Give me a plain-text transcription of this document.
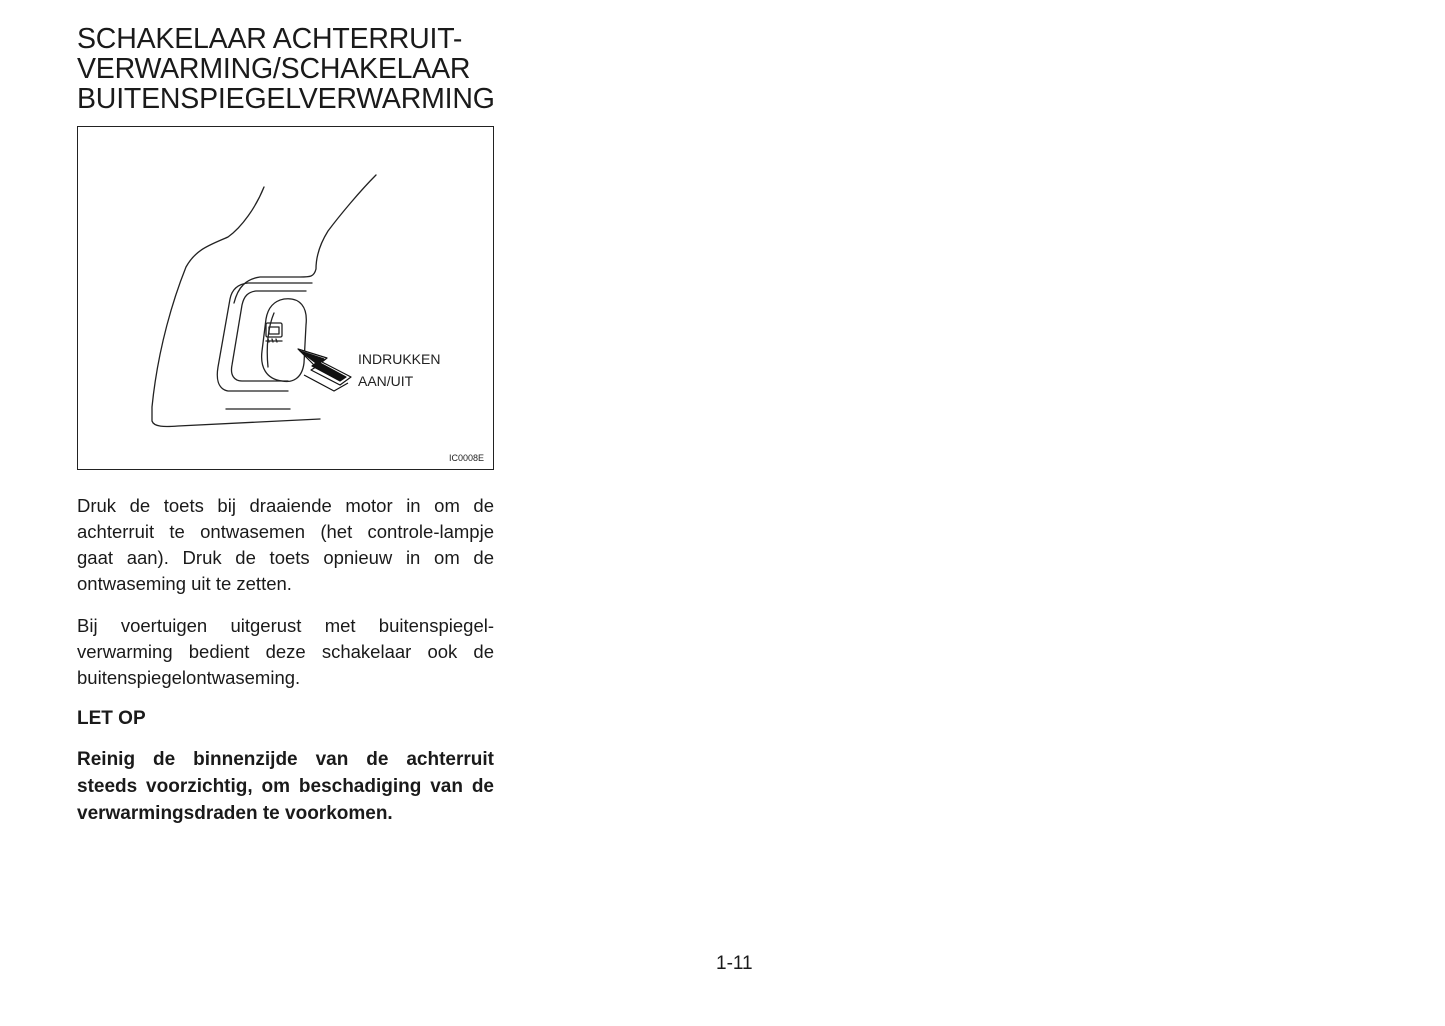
SCHAKELAAR ACHTERRUIT-
VERWARMING/SCHAKELAAR
BUITENSPIEGELVERWARMING
INDRUKKEN
AAN/UIT
IC0008E

Druk de toets bij draaiende motor in om de achterruit te ontwasemen (het controle-lampje gaat aan). Druk de toets opnieuw in om de ontwaseming uit te zetten.

Bij voertuigen uitgerust met buitenspiegel-verwarming bedient deze schakelaar ook de buitenspiegelontwaseming.

LET OP

Reinig de binnenzijde van de achterruit steeds voorzichtig, om beschadiging van de verwarmingsdraden te voorkomen.

1-11
